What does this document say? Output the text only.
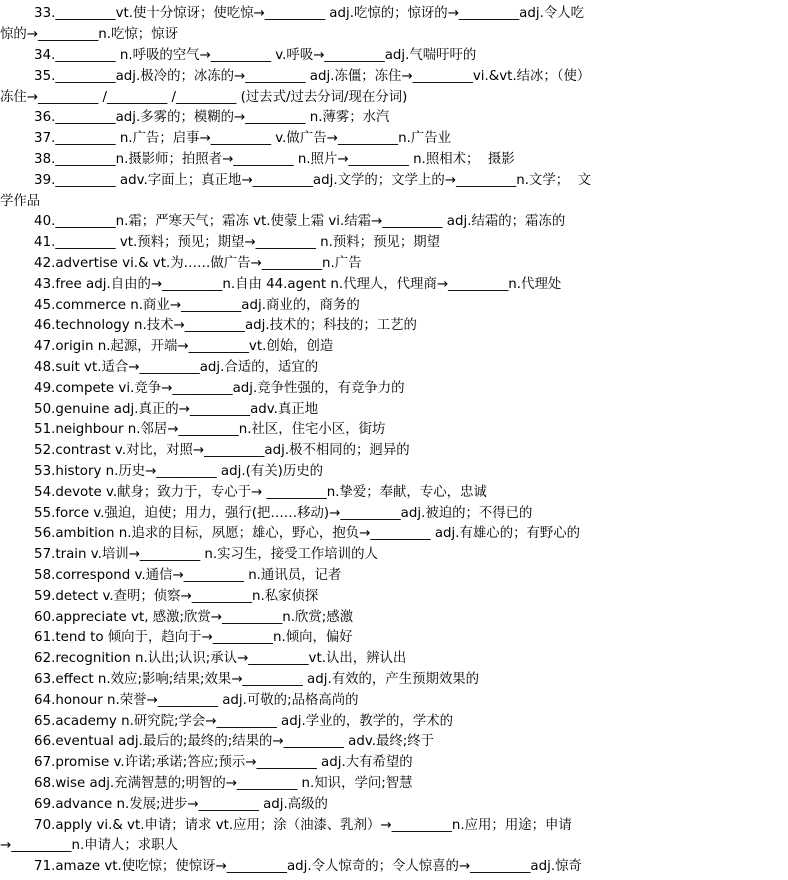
33._________vt.使十分惊讶；使吃惊→_________ adj.吃惊的；惊讶的→_________adj.令人吃
惊的→_________n.吃惊；惊讶
34._________ n.呼吸的空气→_________ v.呼吸→_________adj.气喘吁吁的
35._________adj.极冷的；冰冻的→_________ adj.冻僵；冻住→_________vi.&vt.结冰；（使）
冻住→_________ /_________ /_________ (过去式/过去分词/现在分词)
36._________adj.多雾的；模糊的→_________ n.薄雾；水汽
37._________ n.广告；启事→_________ v.做广告→_________n.广告业
38._________n.摄影师；拍照者→_________ n.照片→_________ n.照相术；  摄影
39._________ adv.字面上；真正地→_________adj.文学的；文学上的→_________n.文学；  文
学作品
40._________n.霜；严寒天气；霜冻 vt.使蒙上霜 vi.结霜→_________ adj.结霜的；霜冻的
41._________ vt.预料；预见；期望→_________ n.预料；预见；期望
42.advertise vi.& vt.为……做广告→_________n.广告
43.free adj.自由的→_________n.自由 44.agent n.代理人，代理商→_________n.代理处
45.commerce n.商业→_________adj.商业的，商务的
46.technology n.技术→_________adj.技术的；科技的；工艺的
47.origin n.起源，开端→_________vt.创始，创造
48.suit vt.适合→_________adj.合适的，适宜的
49.compete vi.竞争→_________adj.竞争性强的，有竞争力的
50.genuine adj.真正的→_________adv.真正地
51.neighbour n.邻居→_________n.社区，住宅小区，街坊
52.contrast v.对比，对照→_________adj.极不相同的；迥异的
53.history n.历史→_________ adj.(有关)历史的
54.devote v.献身；致力于，专心于→ _________n.挚爱；奉献，专心，忠诚
55.force v.强迫，迫使；用力，强行(把……移动)→_________adj.被迫的；不得已的
56.ambition n.追求的目标，夙愿；雄心，野心，抱负→_________ adj.有雄心的；有野心的
57.train v.培训→_________ n.实习生，接受工作培训的人
58.correspond v.通信→_________ n.通讯员，记者
59.detect v.查明；侦察→_________n.私家侦探
60.appreciate vt, 感激;欣赏→_________n.欣赏;感激
61.tend to 倾向于，趋向于→_________n.倾向，偏好
62.recognition n.认出;认识;承认→_________vt.认出，辨认出
63.effect n.效应;影响;结果;效果→_________ adj.有效的，产生预期效果的
64.honour n.荣誉→_________ adj.可敬的;品格高尚的
65.academy n.研究院;学会→_________ adj.学业的，教学的，学术的
66.eventual adj.最后的;最终的;结果的→_________ adv.最终;终于
67.promise v.许诺;承诺;答应;预示→_________ adj.大有希望的
68.wise adj.充满智慧的;明智的→_________ n.知识，学问;智慧
69.advance n.发展;进步→_________ adj.高级的
70.apply vi.& vt.申请；请求 vt.应用；涂（油漆、乳剂）→_________n.应用；用途；申请
→_________n.申请人；求职人
71.amaze vt.使吃惊；使惊讶→_________adj.令人惊奇的；令人惊喜的→_________adj.惊奇
